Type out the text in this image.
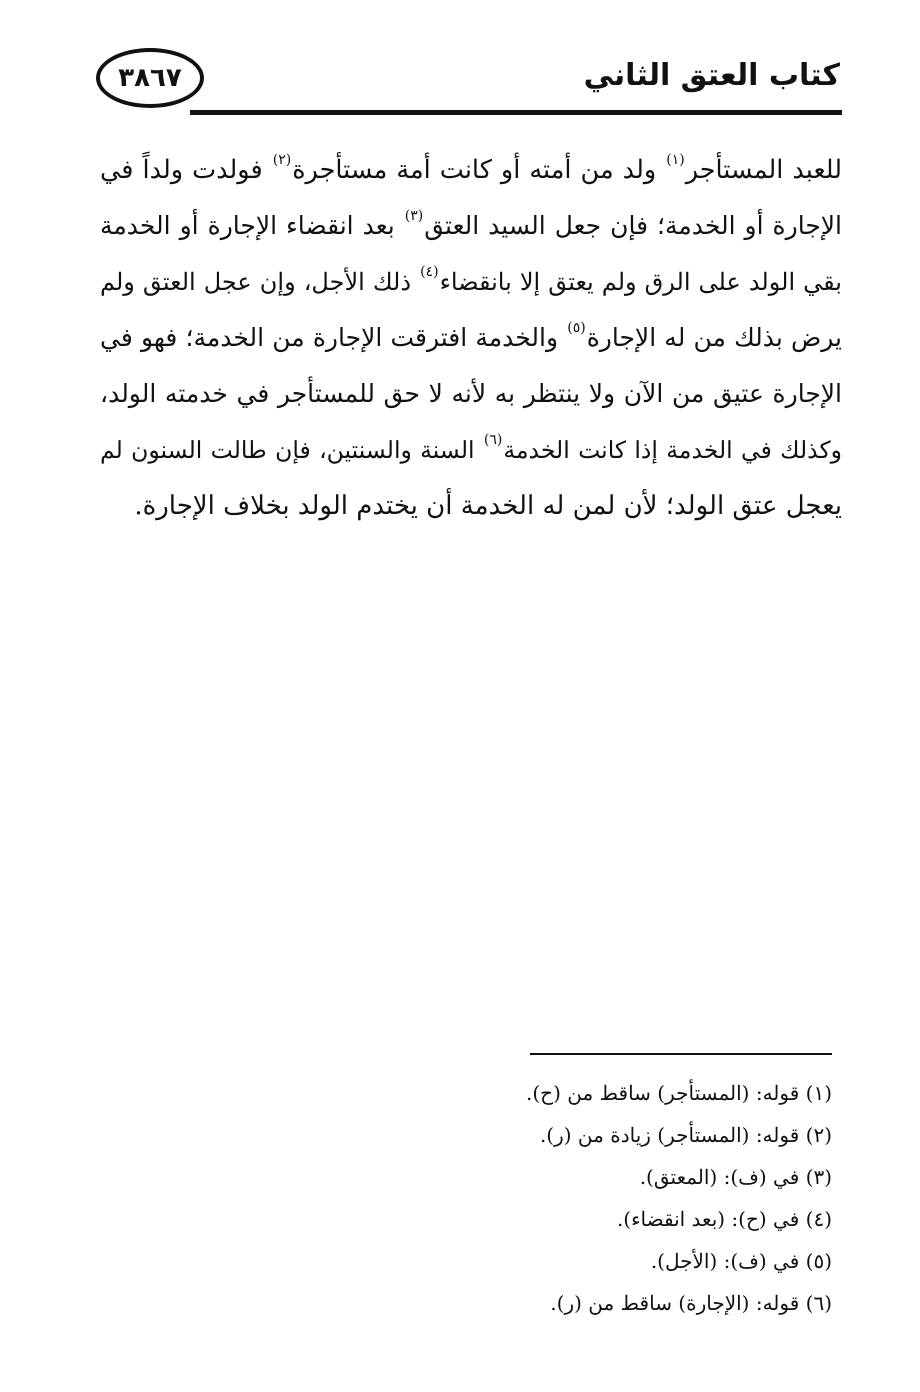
٣٨٦٧	كتاب العتق الثاني
للعبد المستأجر$^{(١)}$ ولد من أمته أو كانت أمة مستأجرة$^{(٢)}$ فولدت ولداً في
الإجارة أو الخدمة؛ فإن جعل السيد العتق$^{(٣)}$ بعد انقضاء الإجارة أو الخدمة
بقي الولد على الرق ولم يعتق إلا بانقضاء$^{(٤)}$ ذلك الأجل، وإن عجل العتق ولم
يرض بذلك من له الإجارة$^{(٥)}$ والخدمة افترقت الإجارة من الخدمة؛ فهو في
الإجارة عتيق من الآن ولا ينتظر به لأنه لا حق للمستأجر في خدمته الولد،
وكذلك في الخدمة إذا كانت الخدمة$^{(٦)}$ السنة والسنتين، فإن طالت السنون لم
يعجل عتق الولد؛ لأن لمن له الخدمة أن يختدم الولد بخلاف الإجارة.
(١) قوله: (المستأجر) ساقط من (ح).
(٢) قوله: (المستأجر) زيادة من (ر).
(٣) في (ف): (المعتق).
(٤) في (ح): (بعد انقضاء).
(٥) في (ف): (الأجل).
(٦) قوله: (الإجارة) ساقط من (ر).
